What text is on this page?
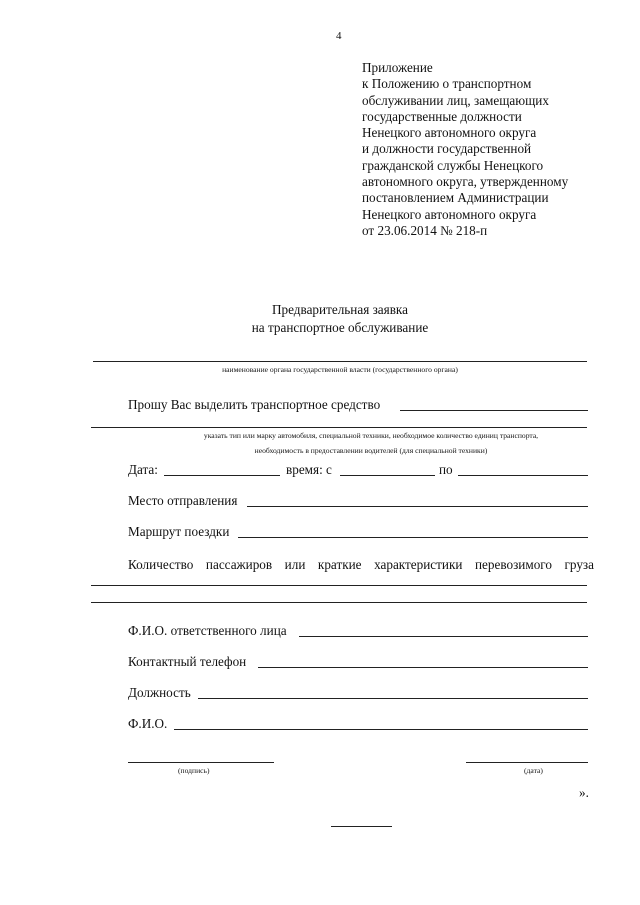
4
Приложение
к Положению о транспортном
обслуживании лиц, замещающих
государственные должности
Ненецкого автономного округа
и должности государственной
гражданской службы Ненецкого
автономного округа, утвержденному
постановлением Администрации
Ненецкого автономного округа
от 23.06.2014 № 218-п
Предварительная заявка
на транспортное обслуживание
наименование органа государственной власти (государственного органа)
Прошу Вас выделить транспортное средство
указать тип или марку автомобиля, специальной техники, необходимое количество единиц транспорта,
необходимость в предоставлении водителей (для специальной техники)
Дата:	время: с	по
Место отправления
Маршрут поездки
Количество пассажиров или краткие характеристики перевозимого груза
Ф.И.О. ответственного лица
Контактный телефон
Должность
Ф.И.О.
(подпись)	(дата)
».
